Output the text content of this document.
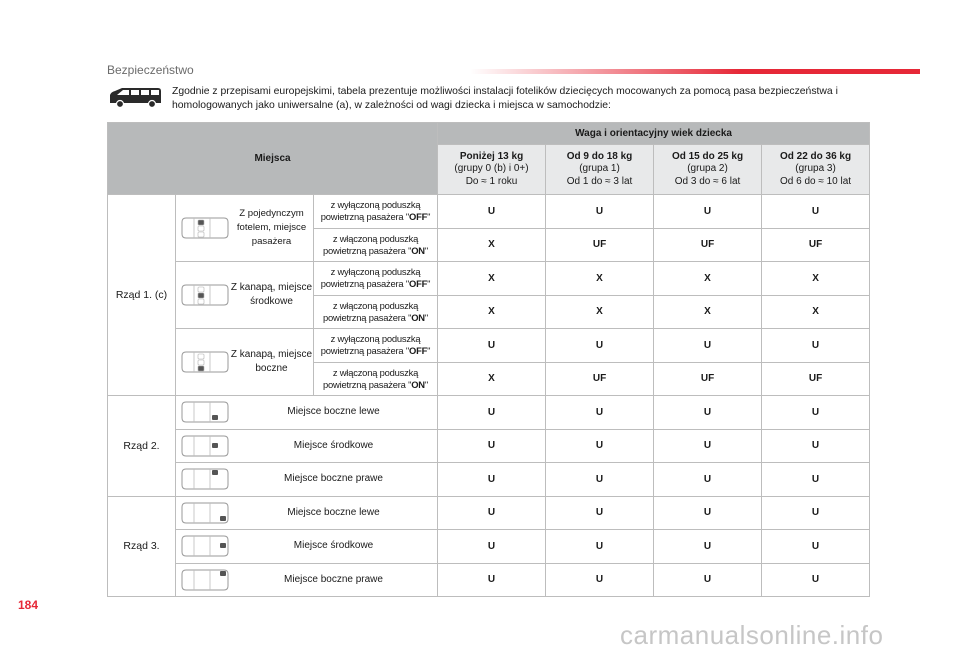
Bezpieczeństwo
Zgodnie z przepisami europejskimi, tabela prezentuje możliwości instalacji fotelików dziecięcych mocowanych za pomocą pasa bezpieczeństwa i homologowanych jako uniwersalne (a), w zależności od wagi dziecka i miejsca w samochodzie:
Miejsca			Waga i orientacyjny wiek dziecka			

			Poniżej 13 kg
(grupy 0 (b) i 0+)
Do ≈ 1 roku	Od 9 do 18 kg
(grupa 1)
Od 1 do ≈ 3 lat	Od 15 do 25 kg
(grupa 2)
Od 3 do ≈ 6 lat	Od 22 do 36 kg
(grupa 3)
Od 6 do ≈ 10 lat
Rząd 1. (c)	Z pojedynczym fotelem, miejsce pasażera	z wyłączoną poduszką
powietrzną pasażera "OFF"	U	U	U	U
		z włączoną poduszką
powietrzną pasażera "ON"	X	UF	UF	UF

	Z kanapą, miejsce środkowe	z wyłączoną poduszką
powietrzną pasażera "OFF"	X	X	X	X
		z włączoną poduszką
powietrzną pasażera "ON"	X	X	X	X

	Z kanapą, miejsce boczne	z wyłączoną poduszką
powietrzną pasażera "OFF"	U	U	U	U
		z włączoną poduszką
powietrzną pasażera "ON"	X	UF	UF	UF
Rząd 2.	Miejsce boczne lewe		U	U	U	U

	Miejsce środkowe		U	U	U	U

	Miejsce boczne prawe		U	U	U	U
Rząd 3.	Miejsce boczne lewe		U	U	U	U

	Miejsce środkowe		U	U	U	U

	Miejsce boczne prawe		U	U	U	U
184
carmanualsonline.info
